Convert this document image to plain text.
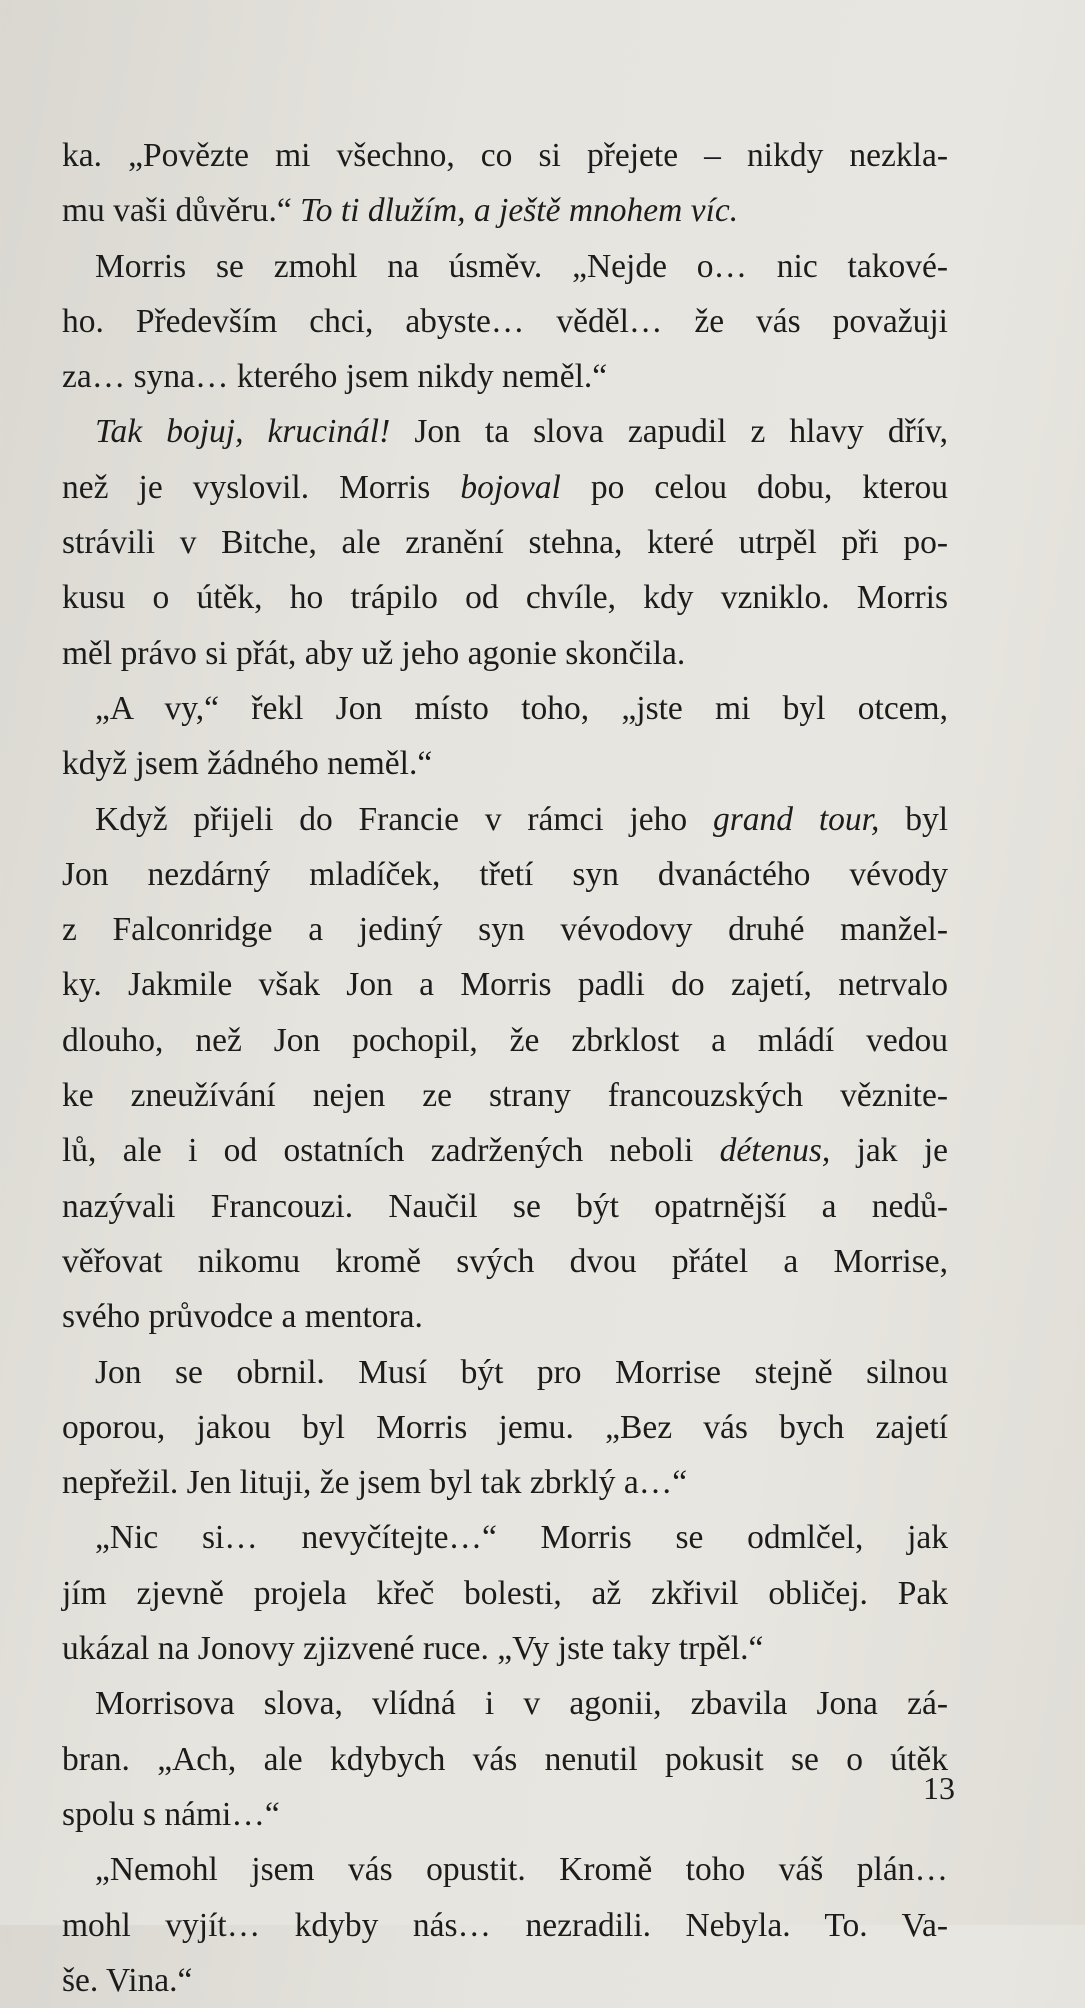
ka. „Povězte mi všechno, co si přejete – nikdy nezkla-
mu vaši důvěru.“ To ti dlužím, a ještě mnohem víc.
Morris se zmohl na úsměv. „Nejde o… nic takové-
ho. Především chci, abyste… věděl… že vás považuji
za… syna… kterého jsem nikdy neměl.“
Tak bojuj, krucinál! Jon ta slova zapudil z hlavy dřív,
než je vyslovil. Morris bojoval po celou dobu, kterou
strávili v Bitche, ale zranění stehna, které utrpěl při po-
kusu o útěk, ho trápilo od chvíle, kdy vzniklo. Morris
měl právo si přát, aby už jeho agonie skončila.
„A vy,“ řekl Jon místo toho, „jste mi byl otcem,
když jsem žádného neměl.“
Když přijeli do Francie v rámci jeho grand tour, byl
Jon nezdárný mladíček, třetí syn dvanáctého vévody
z Falconridge a jediný syn vévodovy druhé manžel-
ky. Jakmile však Jon a Morris padli do zajetí, netrvalo
dlouho, než Jon pochopil, že zbrklost a mládí vedou
ke zneužívání nejen ze strany francouzských věznite-
lů, ale i od ostatních zadržených neboli détenus, jak je
nazývali Francouzi. Naučil se být opatrnější a nedů-
věřovat nikomu kromě svých dvou přátel a Morrise,
svého průvodce a mentora.
Jon se obrnil. Musí být pro Morrise stejně silnou
oporou, jakou byl Morris jemu. „Bez vás bych zajetí
nepřežil. Jen lituji, že jsem byl tak zbrklý a…“
„Nic si… nevyčítejte…“ Morris se odmlčel, jak
jím zjevně projela křeč bolesti, až zkřivil obličej. Pak
ukázal na Jonovy zjizvené ruce. „Vy jste taky trpěl.“
Morrisova slova, vlídná i v agonii, zbavila Jona zá-
bran. „Ach, ale kdybych vás nenutil pokusit se o útěk
spolu s námi…“
„Nemohl jsem vás opustit. Kromě toho váš plán…
mohl vyjít… kdyby nás… nezradili. Nebyla. To. Va-
še. Vina.“
13
